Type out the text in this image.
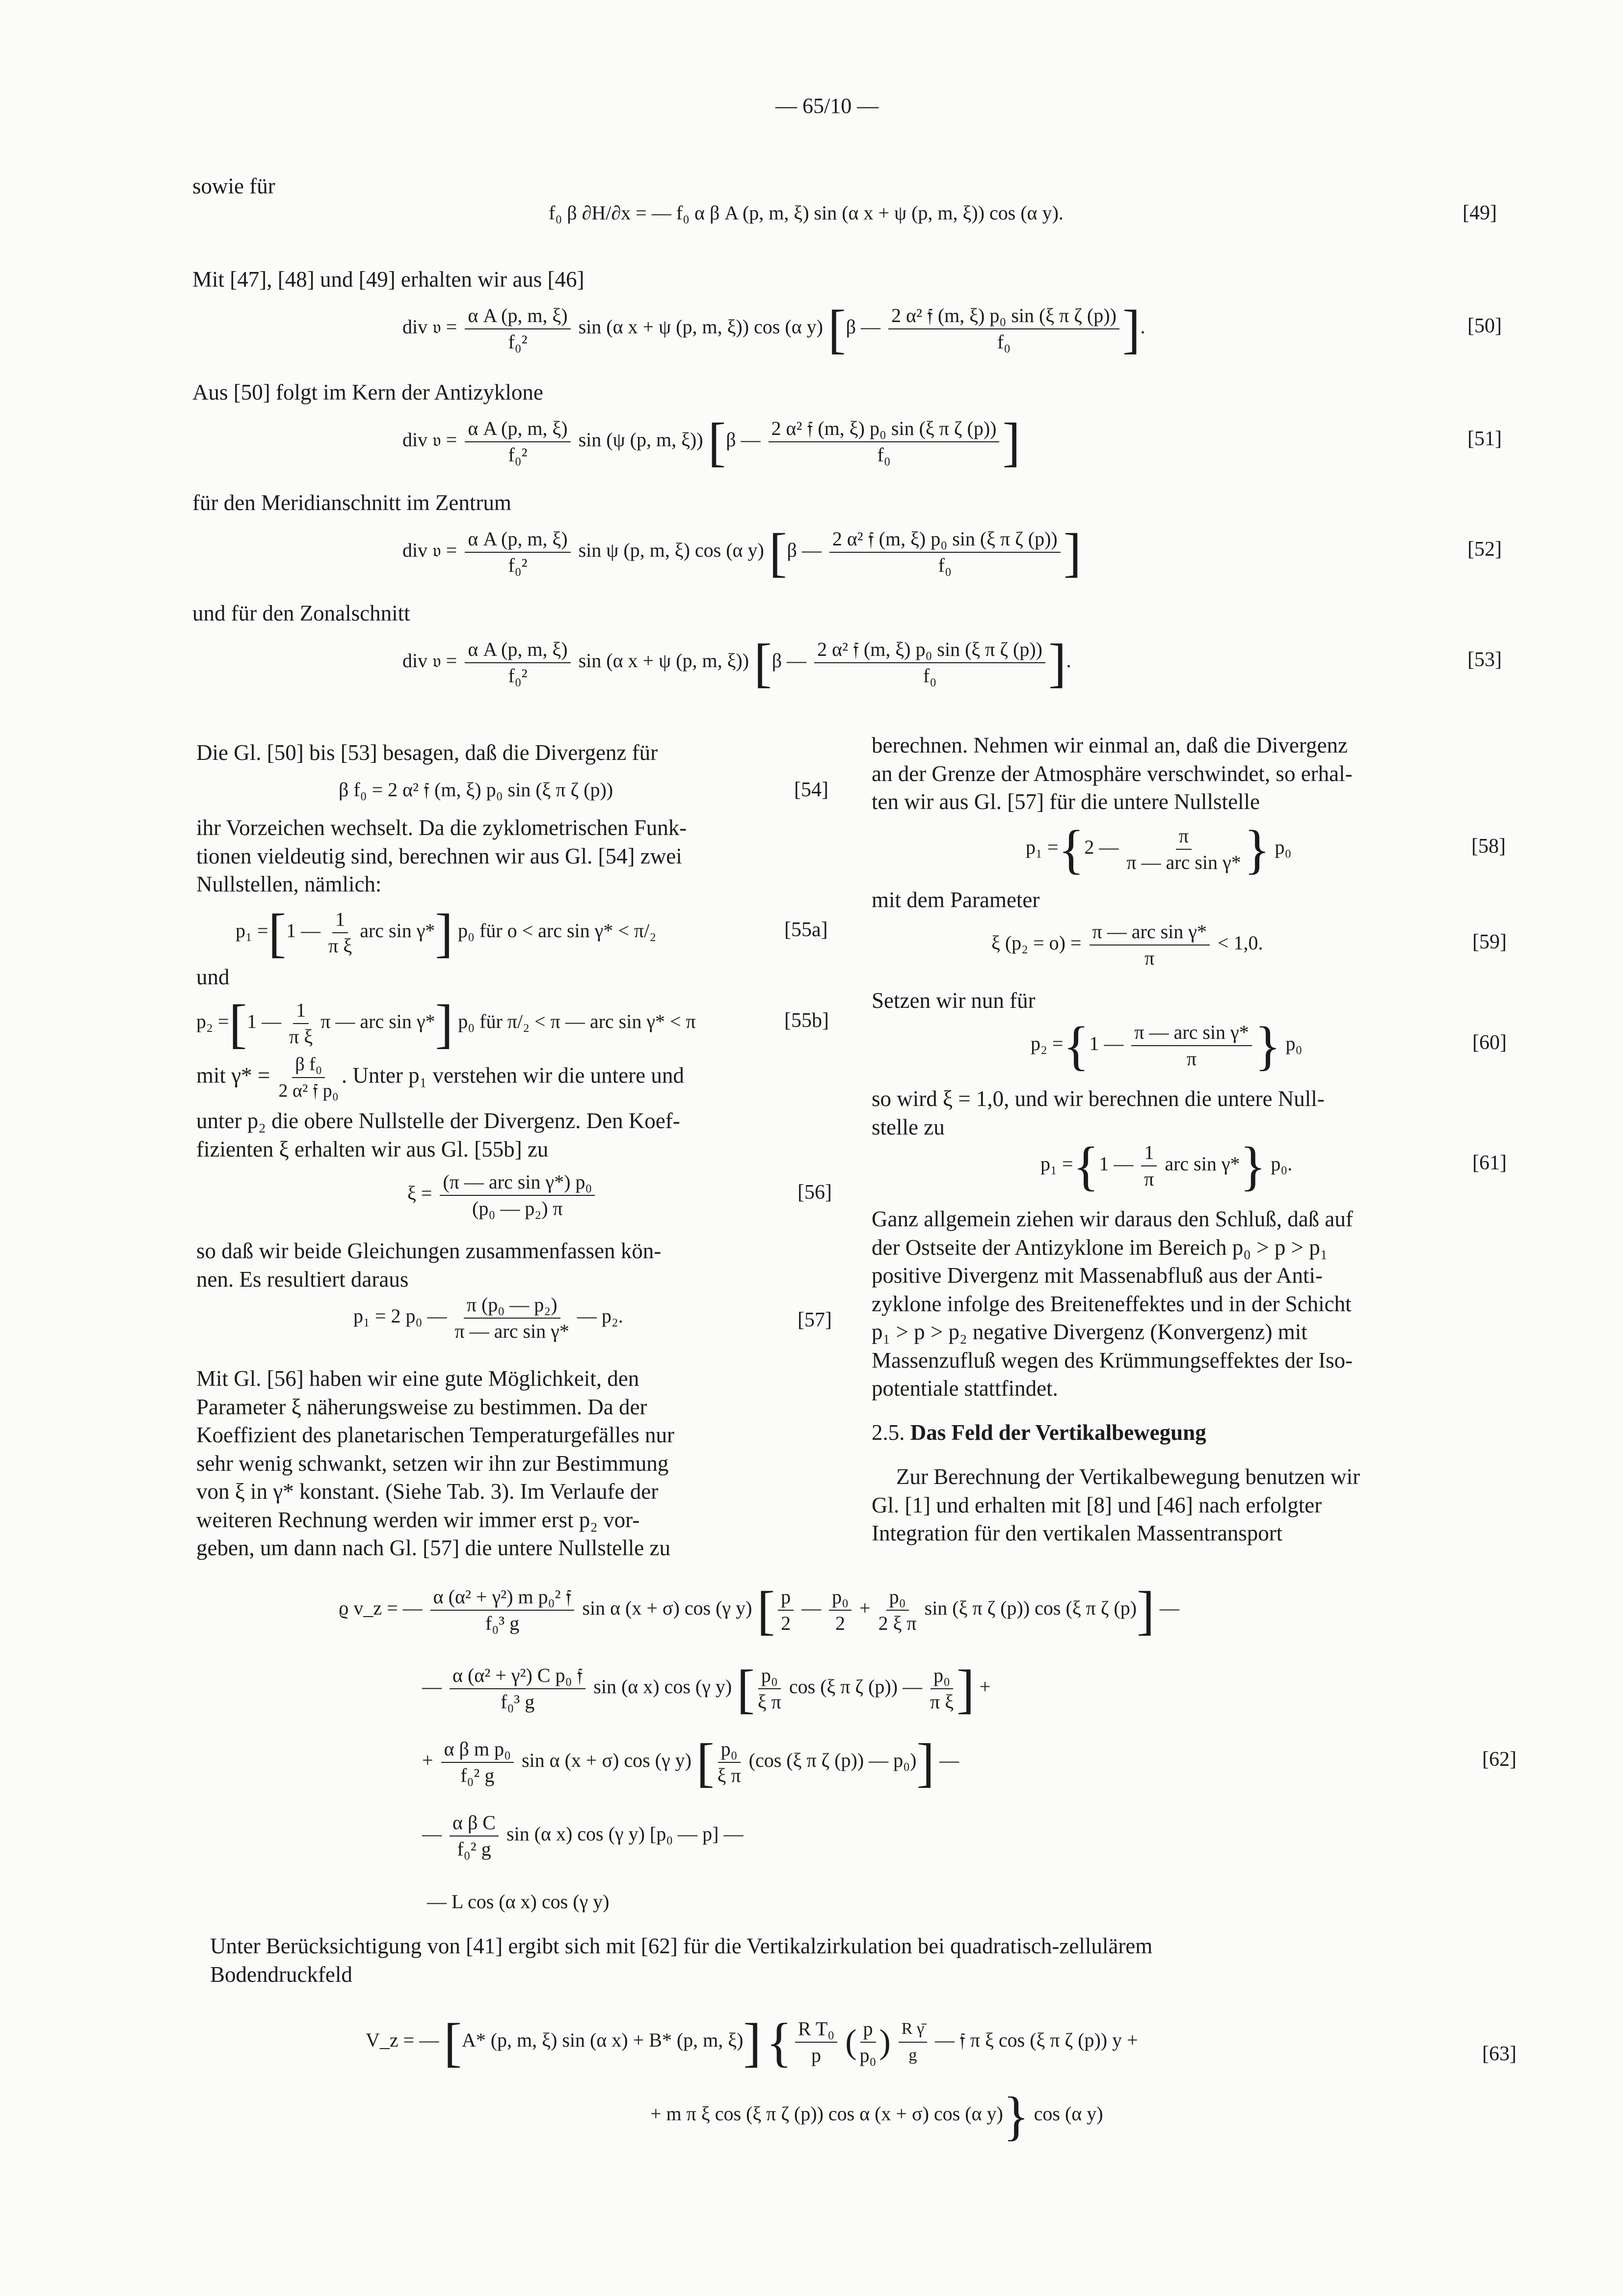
— 65/10 —
sowie für
f₀ β ∂H/∂x = — f₀ α β A (p, m, ξ) sin (α x + ψ (p, m, ξ)) cos (α y).	[49]
Mit [47], [48] und [49] erhalten wir aus [46]
div 𝔳 = $\frac{\text{α A (p, m, ξ)}}{\text{f₀²}}$ sin (α x + ψ (p, m, ξ)) cos (α y) [β — $\frac{\text{2 α² 𝔣 (m, ξ) p₀ sin (ξ π ζ (p))}}{\text{f₀}}$ ].	[50]
Aus [50] folgt im Kern der Antizyklone
div 𝔳 = $\frac{\text{α A (p, m, ξ)}}{\text{f₀²}}$ sin (ψ (p, m, ξ)) [β — $\frac{\text{2 α² 𝔣 (m, ξ) p₀ sin (ξ π ζ (p))}}{\text{f₀}}$ ]	[51]
für den Meridianschnitt im Zentrum
div 𝔳 = $\frac{\text{α A (p, m, ξ)}}{\text{f₀²}}$ sin ψ (p, m, ξ) cos (α y) [β — $\frac{\text{2 α² 𝔣 (m, ξ) p₀ sin (ξ π ζ (p))}}{\text{f₀}}$ ]	[52]
und für den Zonalschnitt
div 𝔳 = $\frac{\text{α A (p, m, ξ)}}{\text{f₀²}}$ sin (α x + ψ (p, m, ξ)) [β — $\frac{\text{2 α² 𝔣 (m, ξ) p₀ sin (ξ π ζ (p))}}{\text{f₀}}$ ].	[53]
Die Gl. [50] bis [53] besagen, daß die Divergenz für
β f₀ = 2 α² 𝔣 (m, ξ) p₀ sin (ξ π ζ (p))	[54]
ihr Vorzeichen wechselt. Da die zyklometrischen Funk-
tionen vieldeutig sind, berechnen wir aus Gl. [54] zwei
Nullstellen, nämlich:
p₁ =[1 — $\frac{1}{\text{π ξ}}$ arc sin γ*] p₀ für o < arc sin γ* < π/₂	[55a]
und
p₂ =[1 — $\frac{1}{\text{π ξ}}$ π — arc sin γ*] p₀ für π/₂ < π — arc sin γ* < π	[55b]
mit $\gamma* = \frac{\text{β f₀}}{\text{2 α² 𝔣 p₀}}$ . Unter p₁ verstehen wir die untere und
unter p₂ die obere Nullstelle der Divergenz. Den Koef-
fizienten ξ erhalten wir aus Gl. [55b] zu
$\xi = \frac{\text{(π — arc sin γ*) p₀}}{\text{(p₀ — p₂) π}}$	[56]
so daß wir beide Gleichungen zusammenfassen kön-
nen. Es resultiert daraus
p₁ = 2 p₀ — $\frac{\text{π (p₀ — p₂)}}{\text{π — arc sin γ*}}$ — p₂.	[57]
Mit Gl. [56] haben wir eine gute Möglichkeit, den
Parameter ξ näherungsweise zu bestimmen. Da der
Koeffizient des planetarischen Temperaturgefälles nur
sehr wenig schwankt, setzen wir ihn zur Bestimmung
von ξ in γ* konstant. (Siehe Tab. 3). Im Verlaufe der
weiteren Rechnung werden wir immer erst p₂ vor-
geben, um dann nach Gl. [57] die untere Nullstelle zu
berechnen. Nehmen wir einmal an, daß die Divergenz
an der Grenze der Atmosphäre verschwindet, so erhal-
ten wir aus Gl. [57] für die untere Nullstelle
p₁ ={2 — $\frac{\pi}{\text{π — arc sin γ*}}$ } p₀	[58]
mit dem Parameter
ξ $(p_2 = o) = \frac{\text{π — arc sin γ*}}{\pi} < 1,0$.	[59]
Setzen wir nun für
p₂ ={1 — $\frac{\text{π — arc sin γ*}}{\pi}$ } p₀	[60]
so wird ξ = 1,0, und wir berechnen die untere Null-
stelle zu
p₁ ={1 — $\frac{1}{\pi}$ arc sin γ*} p₀.	[61]
Ganz allgemein ziehen wir daraus den Schluß, daß auf
der Ostseite der Antizyklone im Bereich p₀ > p > p₁
positive Divergenz mit Massenabfluß aus der Anti-
zyklone infolge des Breiteneffektes und in der Schicht
p₁ > p > p₂ negative Divergenz (Konvergenz) mit
Massenzufluß wegen des Krümmungseffektes der Iso-
potentiale stattfindet.
2.5. Das Feld der Vertikalbewegung
Zur Berechnung der Vertikalbewegung benutzen wir
Gl. [1] und erhalten mit [8] und [46] nach erfolgter
Integration für den vertikalen Massentransport
ϱ v_z = — $\frac{\text{α (α² + γ²) m p₀² 𝔣}}{\text{f₀³ g}}$ sin α (x + σ) cos (γ y) [ $\frac{p}{2}$ — $\frac{\text{p₀}}{2} + \frac{\text{p₀}}{\text{2 ξ π}}$ sin (ξ π ζ (p)) cos (ξ π ζ (p)] —
— $\frac{\text{α (α² + γ²) C p₀ 𝔣}}{\text{f₀³ g}}$ sin (α x) cos (γ y) [ $\frac{\text{p₀}}{\text{ξ π}}$ cos (ξ π ζ (p)) — $\frac{\text{p₀}}{\text{π ξ}}$ ] +
+ $\frac{\text{α β m p₀}}{\text{f₀² g}}$ sin α (x + σ) cos (γ y) [ $\frac{\text{p₀}}{\text{ξ π}} (\cos$ (ξ π ζ (p)) — p₀)] —	[62]
— $\frac{\text{α β C}}{\text{f₀² g}}$ sin (α x) cos (γ y) [p₀ — p] —
— L cos (α x) cos (γ y)
Unter Berücksichtigung von [41] ergibt sich mit [62] für die Vertikalzirkulation bei quadratisch-zellulärem
Bodendruckfeld
V_z = — [A* (p, m, ξ) sin (α x) + B* (p, m, ξ)] { $\frac{\text{R T₀}}{p}$ ( $\frac{p}{\text{p₀}}$ ) $\frac{\text{R γ̄}}{g}$ — 𝔣 π ξ cos (ξ π ζ (p)) y +
[63]
+ m π ξ cos (ξ π ζ (p)) cos α (x + σ) cos (α y)} cos (α y)
